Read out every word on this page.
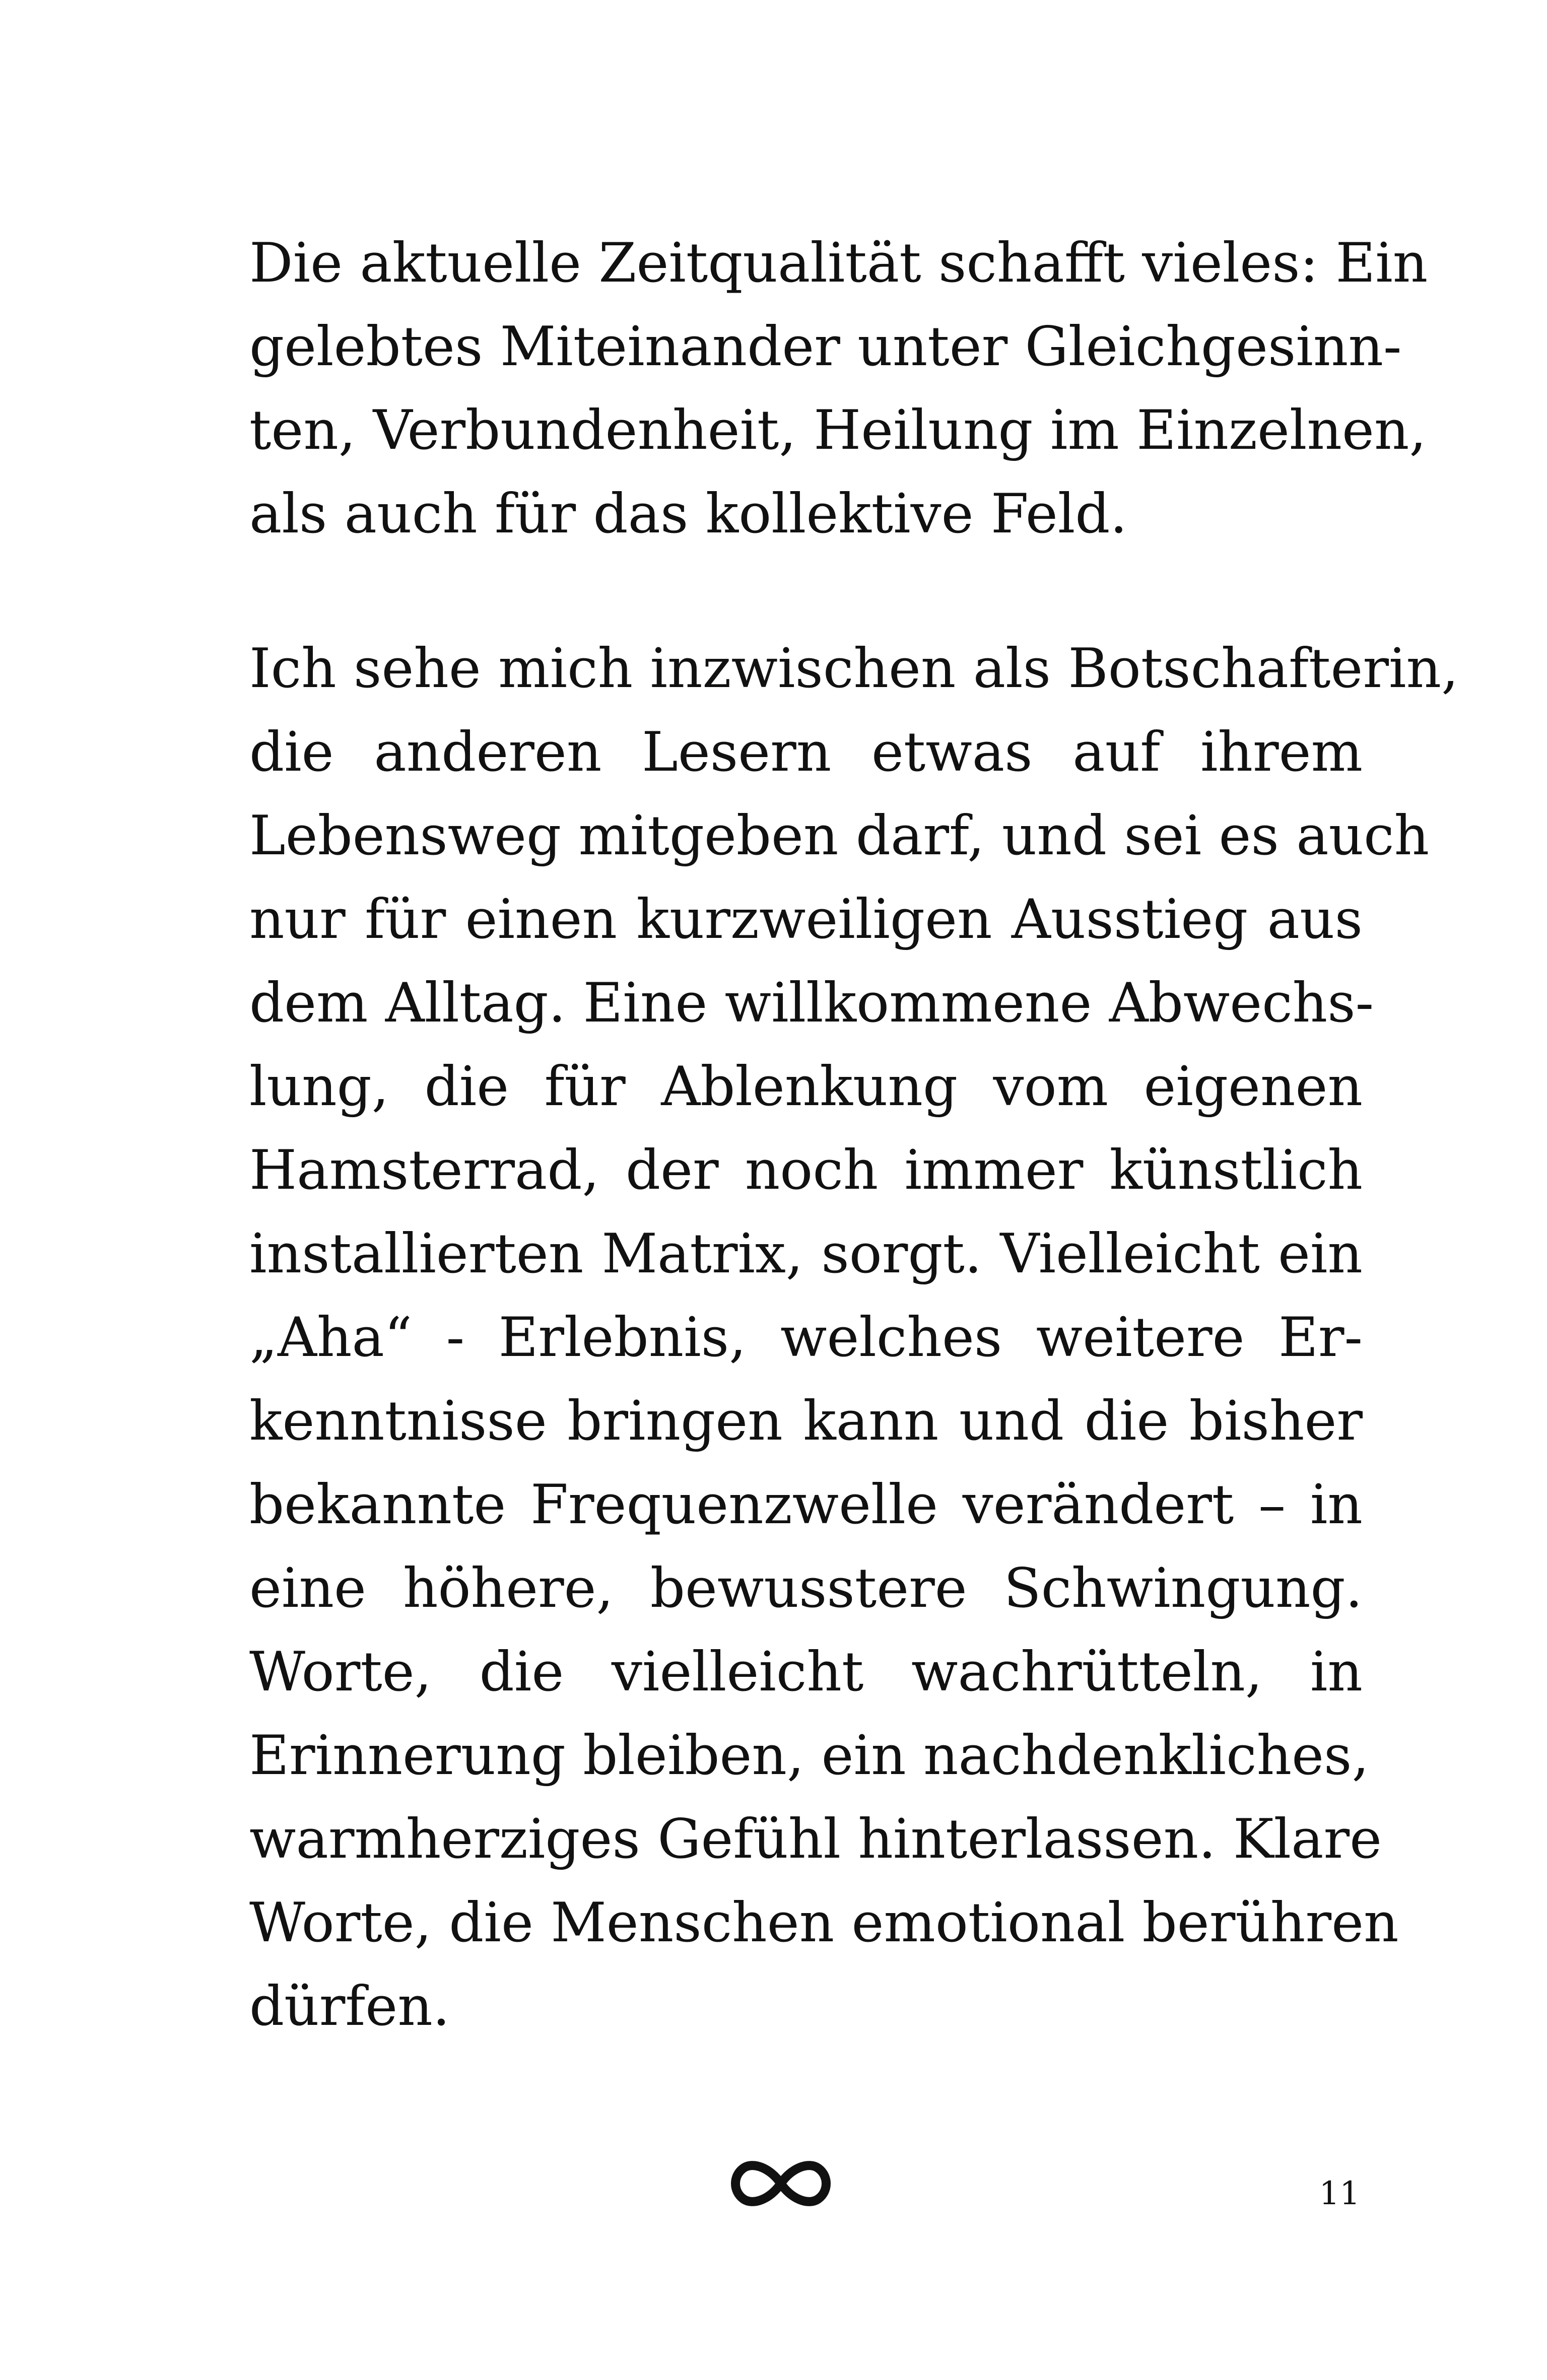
Die aktuelle Zeitqualität schafft vieles: Ein
gelebtes Miteinander unter Gleichgesinn-
ten, Verbundenheit, Heilung im Einzelnen,
als auch für das kollektive Feld.
Ich sehe mich inzwischen als Botschafterin,
die anderen Lesern etwas auf ihrem
Lebensweg mitgeben darf, und sei es auch
nur für einen kurzweiligen Ausstieg aus
dem Alltag. Eine willkommene Abwechs-
lung, die für Ablenkung vom eigenen
Hamsterrad, der noch immer künstlich
installierten Matrix, sorgt. Vielleicht ein
„Aha“ - Erlebnis, welches weitere Er-
kenntnisse bringen kann und die bisher
bekannte Frequenzwelle verändert – in
eine höhere, bewusstere Schwingung.
Worte, die vielleicht wachrütteln, in
Erinnerung bleiben, ein nachdenkliches,
warmherziges Gefühl hinterlassen. Klare
Worte, die Menschen emotional berühren
dürfen.
11
